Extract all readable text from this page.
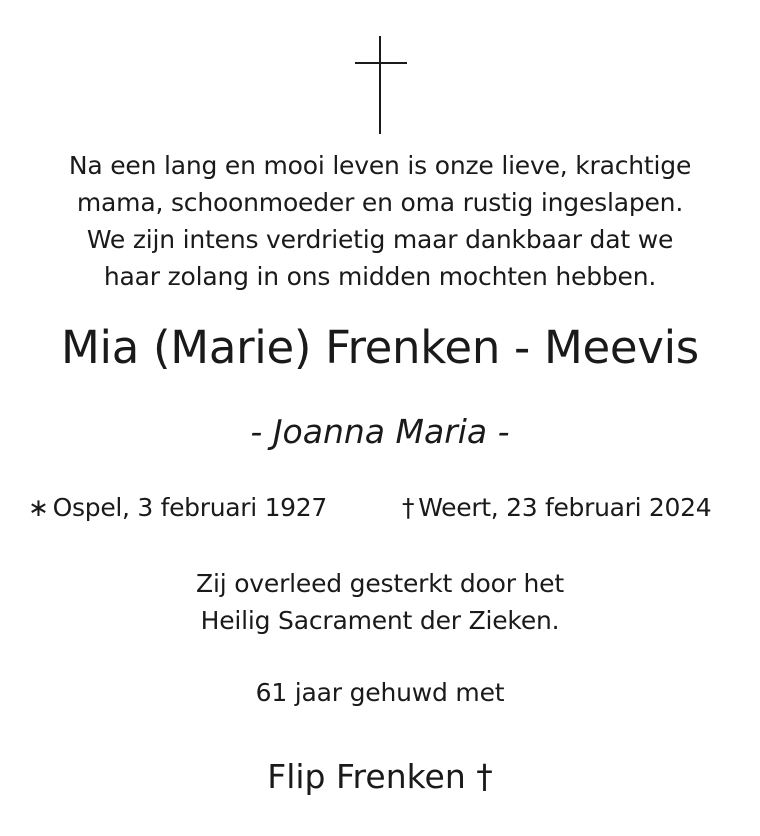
Na een lang en mooi leven is onze lieve, krachtige
mama, schoonmoeder en oma rustig ingeslapen.
We zijn intens verdrietig maar dankbaar dat we
haar zolang in ons midden mochten hebben.
Mia (Marie) Frenken - Meevis
- Joanna Maria -
∗ Ospel, 3 februari 1927	† Weert, 23 februari 2024
Zij overleed gesterkt door het
Heilig Sacrament der Zieken.
61 jaar gehuwd met
Flip Frenken †
